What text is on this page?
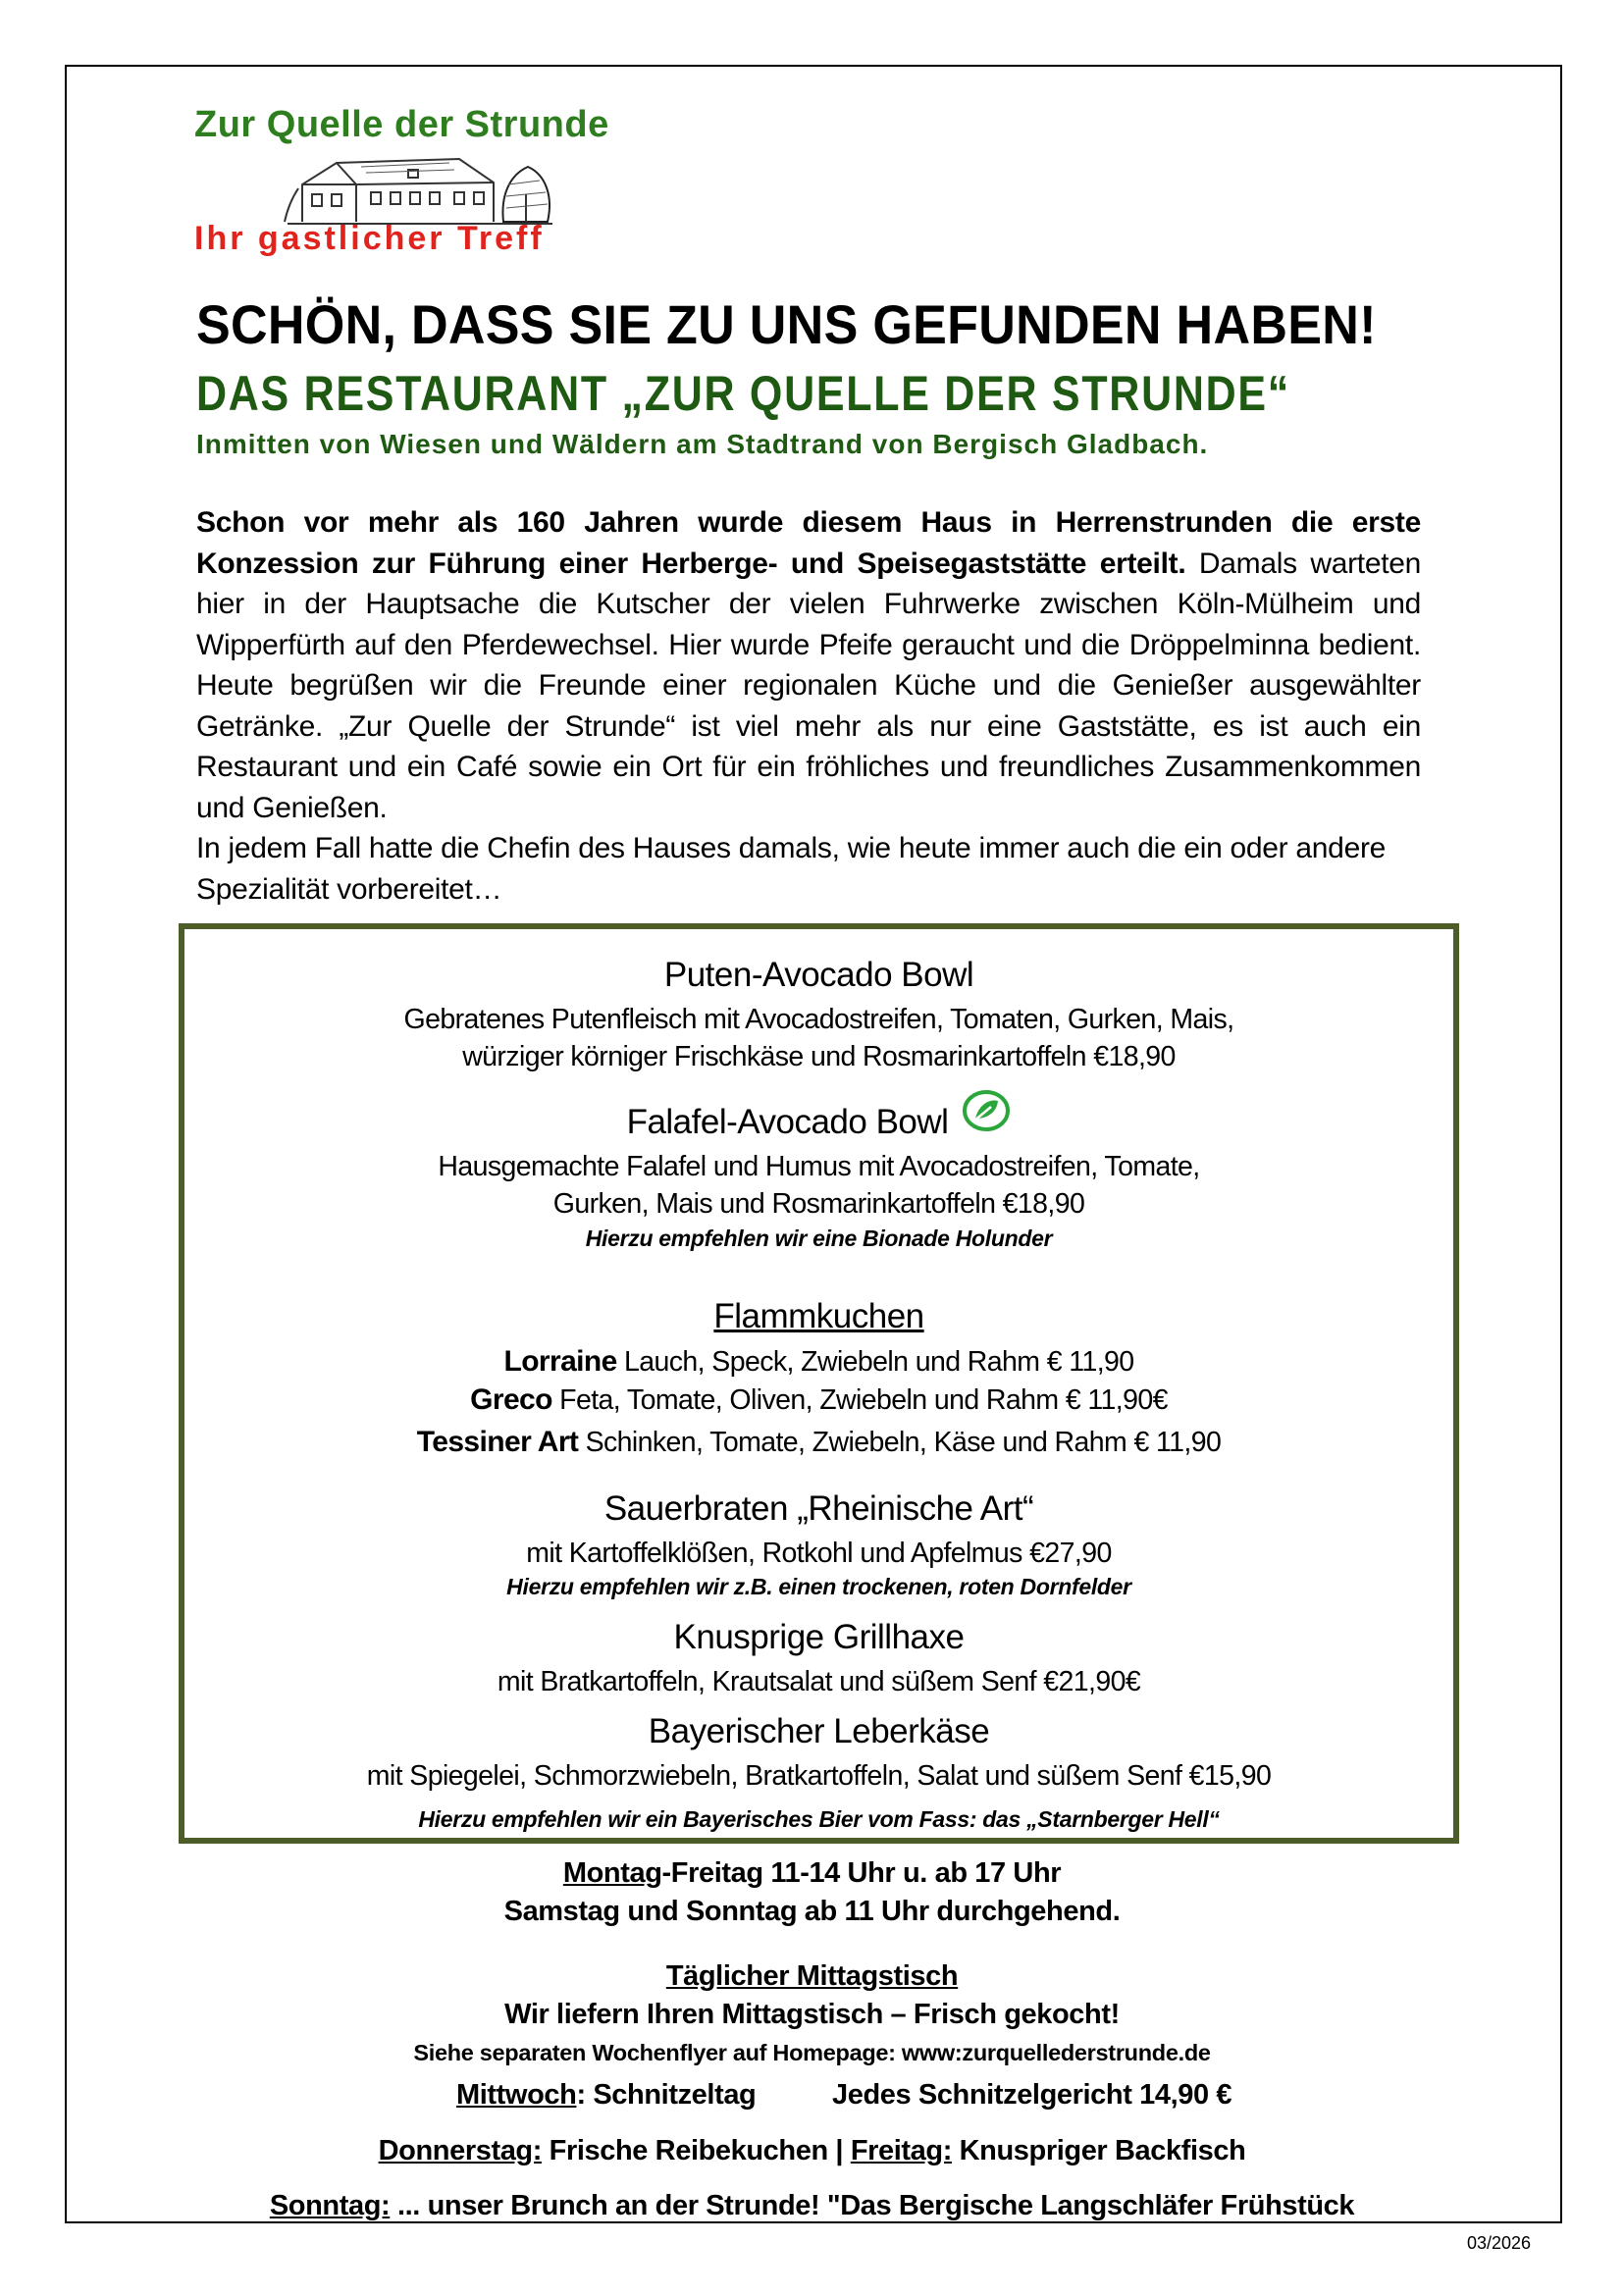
Zur Quelle der Strunde
Ihr gastlicher Treff
SCHÖN, DASS SIE ZU UNS GEFUNDEN HABEN!
DAS RESTAURANT „ZUR QUELLE DER STRUNDE“
Inmitten von Wiesen und Wäldern am Stadtrand von Bergisch Gladbach.
Schon vor mehr als 160 Jahren wurde diesem Haus in Herrenstrunden die erste Konzession zur Führung einer Herberge- und Speisegaststätte erteilt. Damals warteten hier in der Hauptsache die Kutscher der vielen Fuhrwerke zwischen Köln-Mülheim und Wipperfürth auf den Pferdewechsel. Hier wurde Pfeife geraucht und die Dröppelminna bedient. Heute begrüßen wir die Freunde einer regionalen Küche und die Genießer ausgewählter Getränke. „Zur Quelle der Strunde“ ist viel mehr als nur eine Gaststätte, es ist auch ein Restaurant und ein Café sowie ein Ort für ein fröhliches und freundliches Zusammenkommen und Genießen.
In jedem Fall hatte die Chefin des Hauses damals, wie heute immer auch die ein oder andere Spezialität vorbereitet…
Puten-Avocado Bowl
Gebratenes Putenfleisch mit Avocadostreifen, Tomaten, Gurken, Mais,
würziger körniger Frischkäse und Rosmarinkartoffeln €18,90
Falafel-Avocado Bowl
Hausgemachte Falafel und Humus mit Avocadostreifen, Tomate,
Gurken, Mais und Rosmarinkartoffeln €18,90
Hierzu empfehlen wir eine Bionade Holunder
Flammkuchen
Lorraine Lauch, Speck, Zwiebeln und Rahm € 11,90
Greco Feta, Tomate, Oliven, Zwiebeln und Rahm € 11,90€
Tessiner Art Schinken, Tomate, Zwiebeln, Käse und Rahm € 11,90
Sauerbraten „Rheinische Art“
mit Kartoffelklößen, Rotkohl und Apfelmus €27,90
Hierzu empfehlen wir z.B. einen trockenen, roten Dornfelder
Knusprige Grillhaxe
mit Bratkartoffeln, Krautsalat und süßem Senf €21,90€
Bayerischer Leberkäse
mit Spiegelei, Schmorzwiebeln, Bratkartoffeln, Salat und süßem Senf €15,90
Hierzu empfehlen wir ein Bayerisches Bier vom Fass: das „Starnberger Hell“
Montag-Freitag 11-14 Uhr u. ab 17 Uhr
Samstag und Sonntag ab 11 Uhr durchgehend.
Täglicher Mittagstisch
Wir liefern Ihren Mittagstisch – Frisch gekocht!
Siehe separaten Wochenflyer auf Homepage: www:zurquellederstrunde.de
Mittwoch: Schnitzeltag	Jedes Schnitzelgericht 14,90 €
Donnerstag: Frische Reibekuchen | Freitag: Knuspriger Backfisch
Sonntag: ... unser Brunch an der Strunde! "Das Bergische Langschläfer Frühstück
03/2026
